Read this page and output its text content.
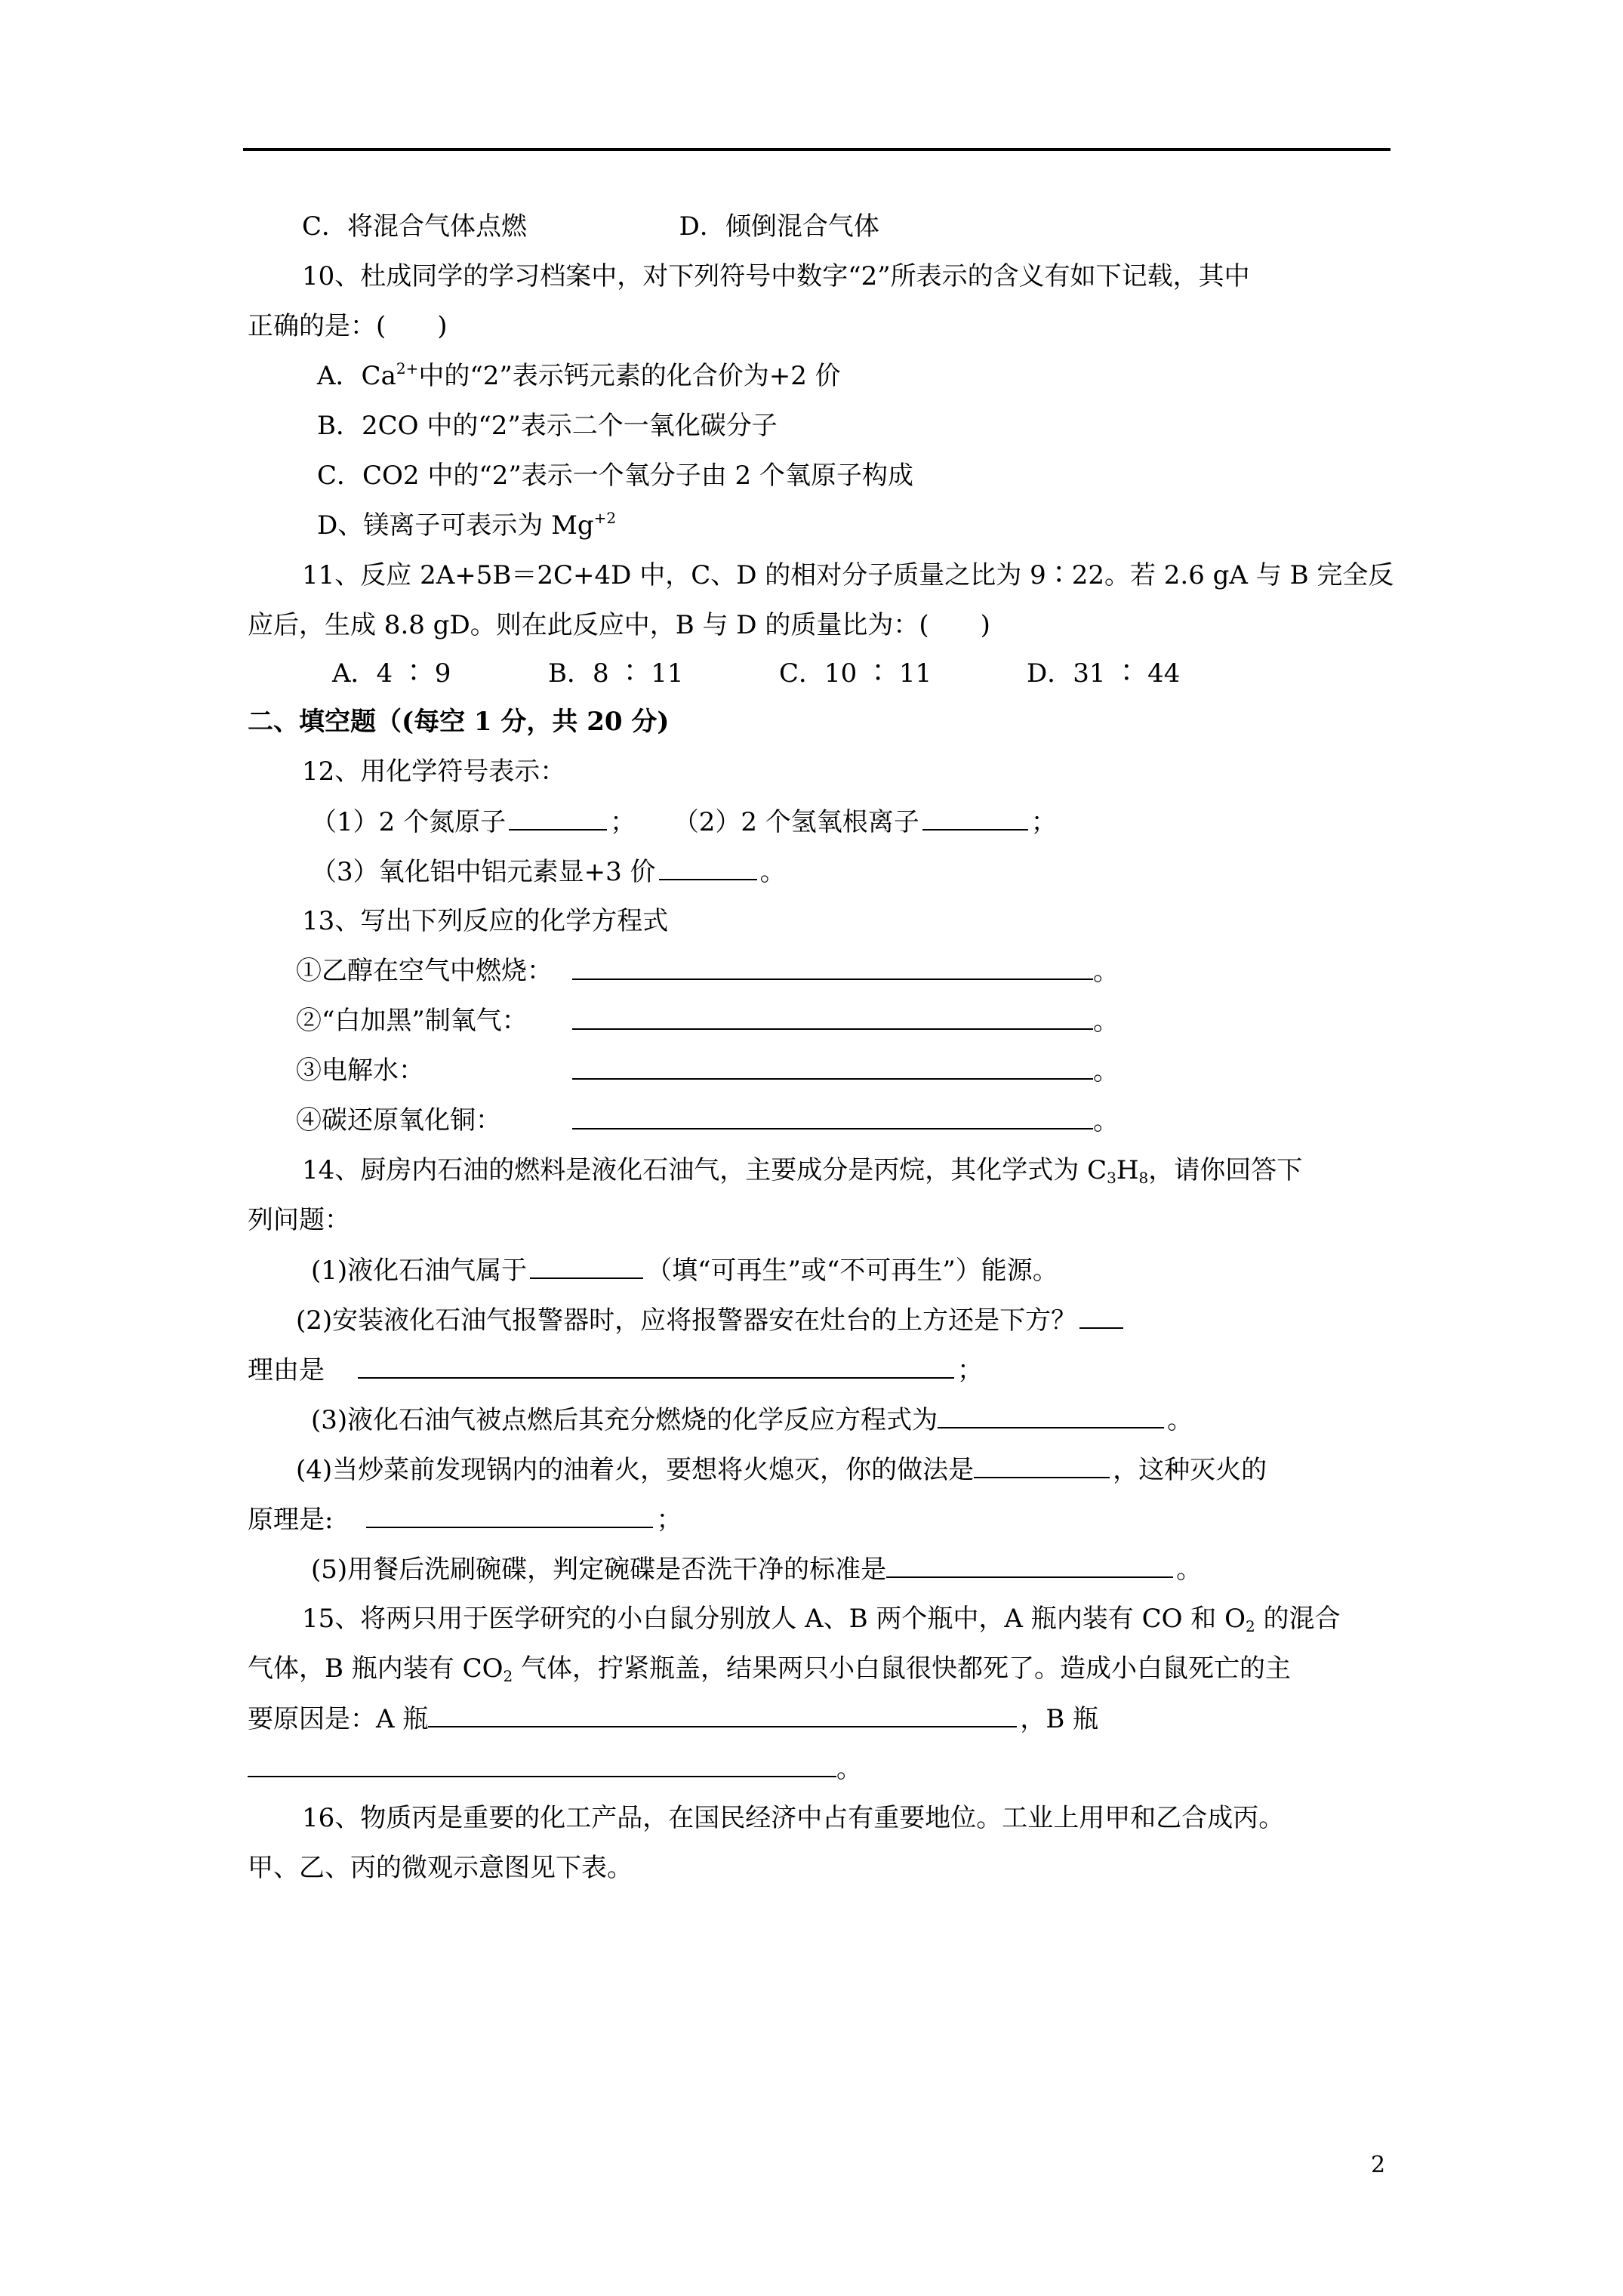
C．将混合气体点燃	D．倾倒混合气体
10、杜成同学的学习档案中，对下列符号中数字“2”所表示的含义有如下记载，其中
正确的是：(　　)
A．$Ca^{2+}$中的“2”表示钙元素的化合价为+2 价
B．2CO 中的“2”表示二个一氧化碳分子
C．CO2 中的“2”表示一个氧分子由 2 个氧原子构成
D、镁离子可表示为 $Mg^{+2}$
11、反应 2A+5B＝2C+4D 中，C、D 的相对分子质量之比为 9∶22。若 2.6 gA 与 B 完全反
应后，生成 8.8 gD。则在此反应中，B 与 D 的质量比为：(　　)
A．4 ∶ 9	B．8 ∶ 11	C．10 ∶ 11	D．31 ∶ 44
二、填空题（(每空 1 分，共 20 分)
12、用化学符号表示：
（1）2 个氮原子	； （2）2 个氢氧根离子	；
（3）氧化铝中铝元素显+3 价	。
13、写出下列反应的化学方程式
①乙醇在空气中燃烧：
②“白加黑”制氧气：
③电解水：
④碳还原氧化铜：
。
。
。
。
14、厨房内石油的燃料是液化石油气，主要成分是丙烷，其化学式为 $C_3H_8$，请你回答下
列问题：
(1)液化石油气属于	（填“可再生”或“不可再生”）能源。
(2)安装液化石油气报警器时，应将报警器安在灶台的上方还是下方？
理由是	；
(3)液化石油气被点燃后其充分燃烧的化学反应方程式为	。
(4)当炒菜前发现锅内的油着火，要想将火熄灭，你的做法是	，这种灭火的
原理是:	；
(5)用餐后洗刷碗碟，判定碗碟是否洗干净的标准是	。
15、将两只用于医学研究的小白鼠分别放人 A、B 两个瓶中，A 瓶内装有 CO 和 $O_2$ 的混合
气体，B 瓶内装有 $CO_2$ 气体，拧紧瓶盖，结果两只小白鼠很快都死了。造成小白鼠死亡的主
要原因是：A 瓶	，B 瓶
。
16、物质丙是重要的化工产品，在国民经济中占有重要地位。工业上用甲和乙合成丙。
甲、乙、丙的微观示意图见下表。
2
